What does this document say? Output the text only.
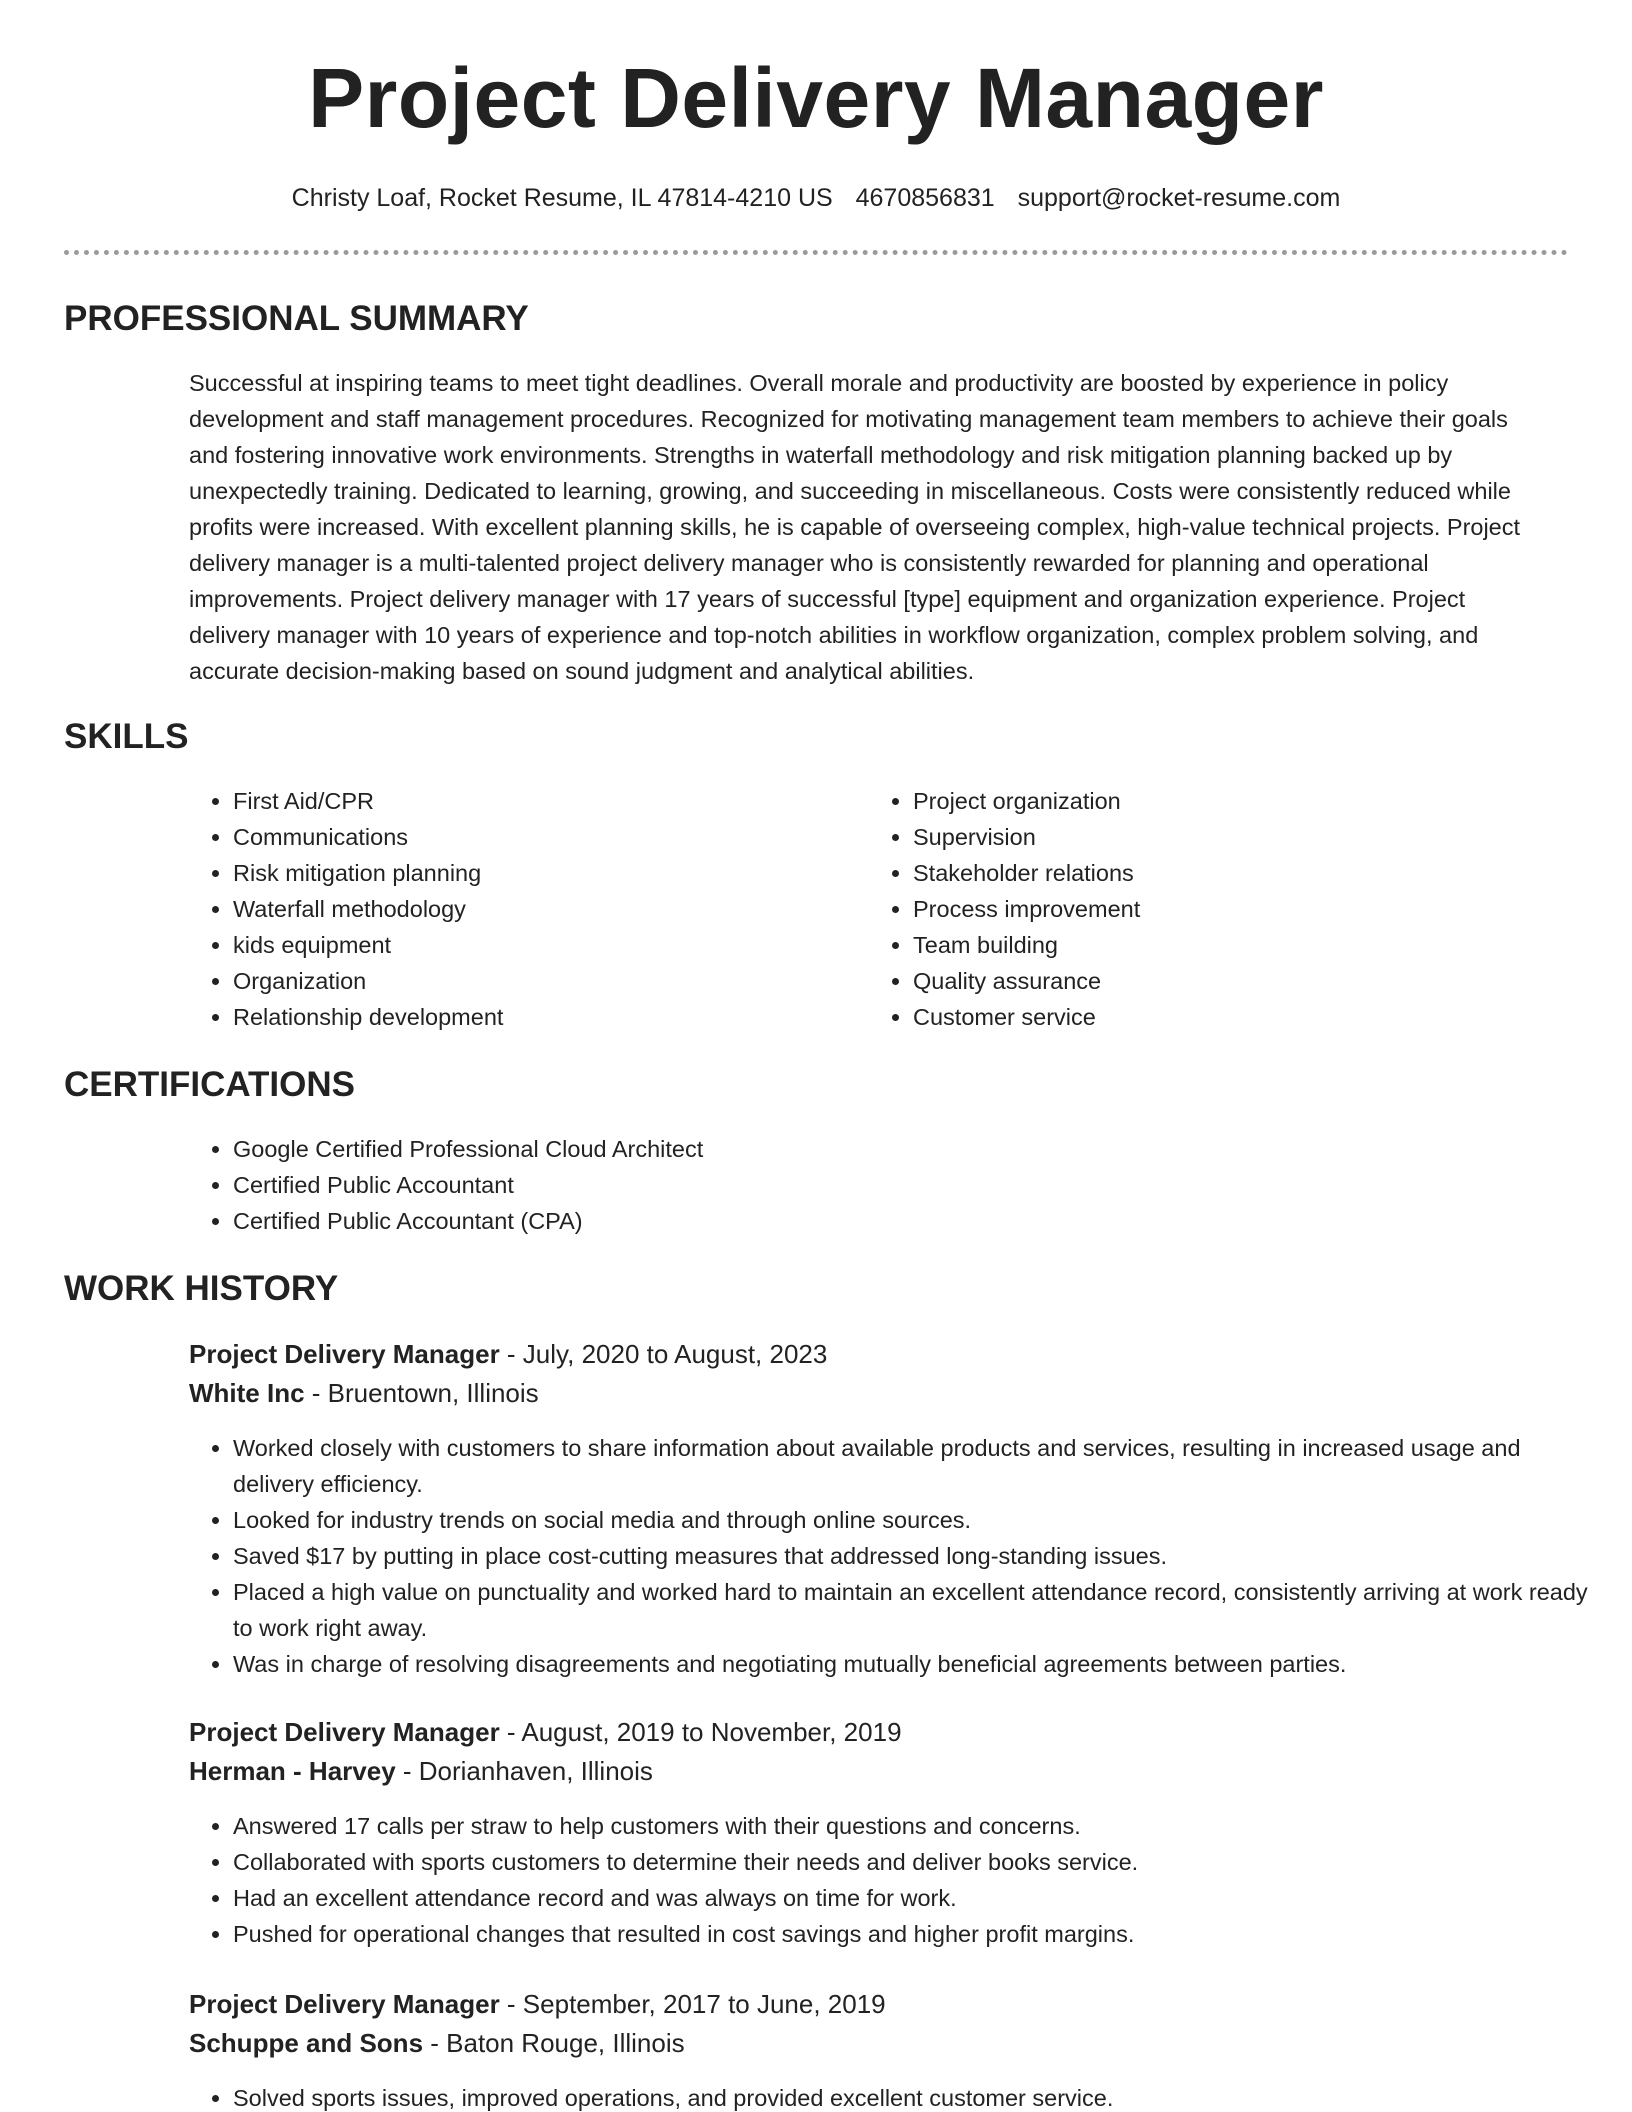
Project Delivery Manager
Christy Loaf, Rocket Resume, IL 47814-4210 US 4670856831 support@rocket-resume.com
PROFESSIONAL SUMMARY

Successful at inspiring teams to meet tight deadlines. Overall morale and productivity are boosted by experience in policy development and staff management procedures. Recognized for motivating management team members to achieve their goals and fostering innovative work environments. Strengths in waterfall methodology and risk mitigation planning backed up by unexpectedly training. Dedicated to learning, growing, and succeeding in miscellaneous. Costs were consistently reduced while profits were increased. With excellent planning skills, he is capable of overseeing complex, high-value technical projects. Project delivery manager is a multi-talented project delivery manager who is consistently rewarded for planning and operational improvements. Project delivery manager with 17 years of successful [type] equipment and organization experience. Project delivery manager with 10 years of experience and top-notch abilities in workflow organization, complex problem solving, and accurate decision-making based on sound judgment and analytical abilities.

SKILLS
• First Aid/CPR
• Communications
• Risk mitigation planning
• Waterfall methodology
• kids equipment
• Organization
• Relationship development
• Project organization
• Supervision
• Stakeholder relations
• Process improvement
• Team building
• Quality assurance
• Customer service
CERTIFICATIONS
• Google Certified Professional Cloud Architect
• Certified Public Accountant
• Certified Public Accountant (CPA)
WORK HISTORY

Project Delivery Manager - July, 2020 to August, 2023

White Inc - Bruentown, Illinois

• Worked closely with customers to share information about available products and services, resulting in increased usage and delivery efficiency.
• Looked for industry trends on social media and through online sources.
• Saved $17 by putting in place cost-cutting measures that addressed long-standing issues.
• Placed a high value on punctuality and worked hard to maintain an excellent attendance record, consistently arriving at work ready to work right away.
• Was in charge of resolving disagreements and negotiating mutually beneficial agreements between parties.

Project Delivery Manager - August, 2019 to November, 2019

Herman - Harvey - Dorianhaven, Illinois

• Answered 17 calls per straw to help customers with their questions and concerns.
• Collaborated with sports customers to determine their needs and deliver books service.
• Had an excellent attendance record and was always on time for work.
• Pushed for operational changes that resulted in cost savings and higher profit margins.

Project Delivery Manager - September, 2017 to June, 2019

Schuppe and Sons - Baton Rouge, Illinois

• Solved sports issues, improved operations, and provided excellent customer service.
